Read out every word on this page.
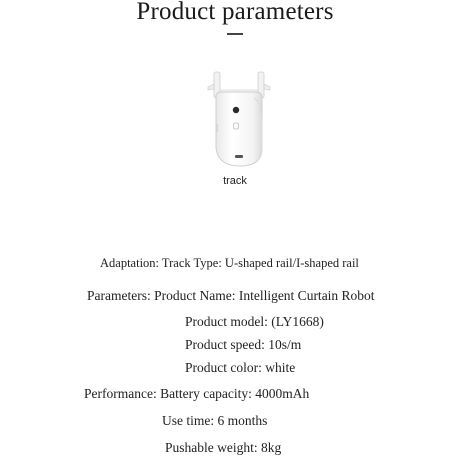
Product parameters
track
Adaptation: Track Type: U-shaped rail/I-shaped rail
Parameters: Product Name: Intelligent Curtain Robot
Product model: (LY1668)
Product speed: 10s/m
Product color: white
Performance: Battery capacity: 4000mAh
Use time: 6 months
Pushable weight: 8kg
